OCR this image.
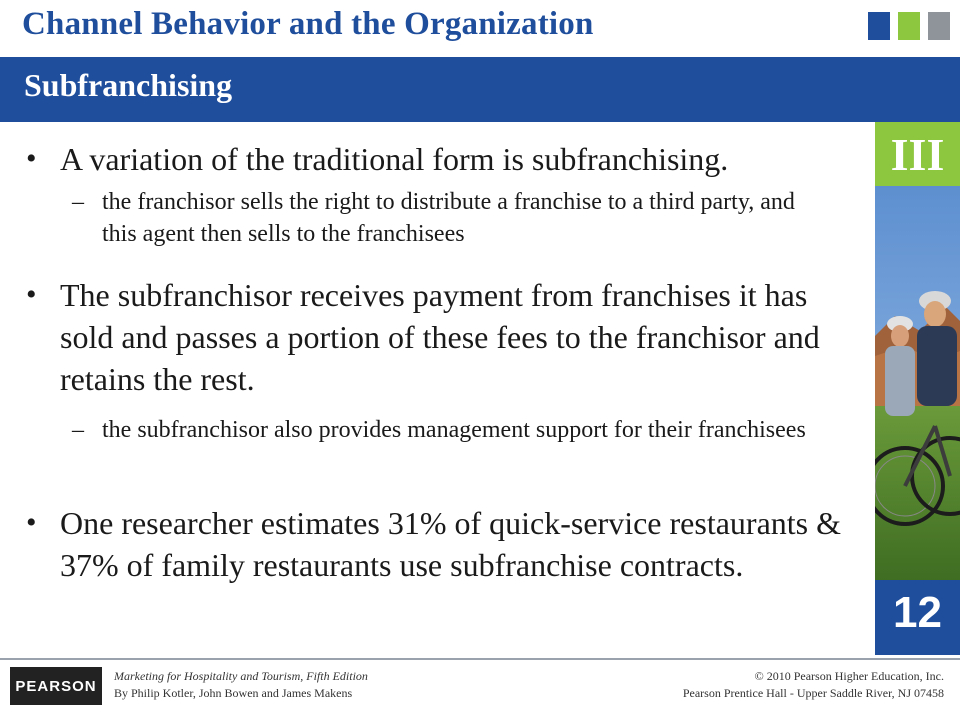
Channel Behavior and the Organization
Subfranchising
III
12
• A variation of the traditional form is subfranchising.
– the franchisor sells the right to distribute a franchise to a third party, and this agent then sells to the franchisees
• The subfranchisor receives payment from franchises it has sold and passes a portion of these fees to the franchisor and retains the rest.
– the subfranchisor also provides management support for their franchisees
• One researcher estimates 31% of quick-service restaurants & 37% of family restaurants use subfranchise contracts.
PEARSON
Marketing for Hospitality and Tourism, Fifth Edition
By Philip Kotler, John Bowen and James Makens
© 2010 Pearson Higher Education, Inc.
Pearson Prentice Hall - Upper Saddle River, NJ 07458
